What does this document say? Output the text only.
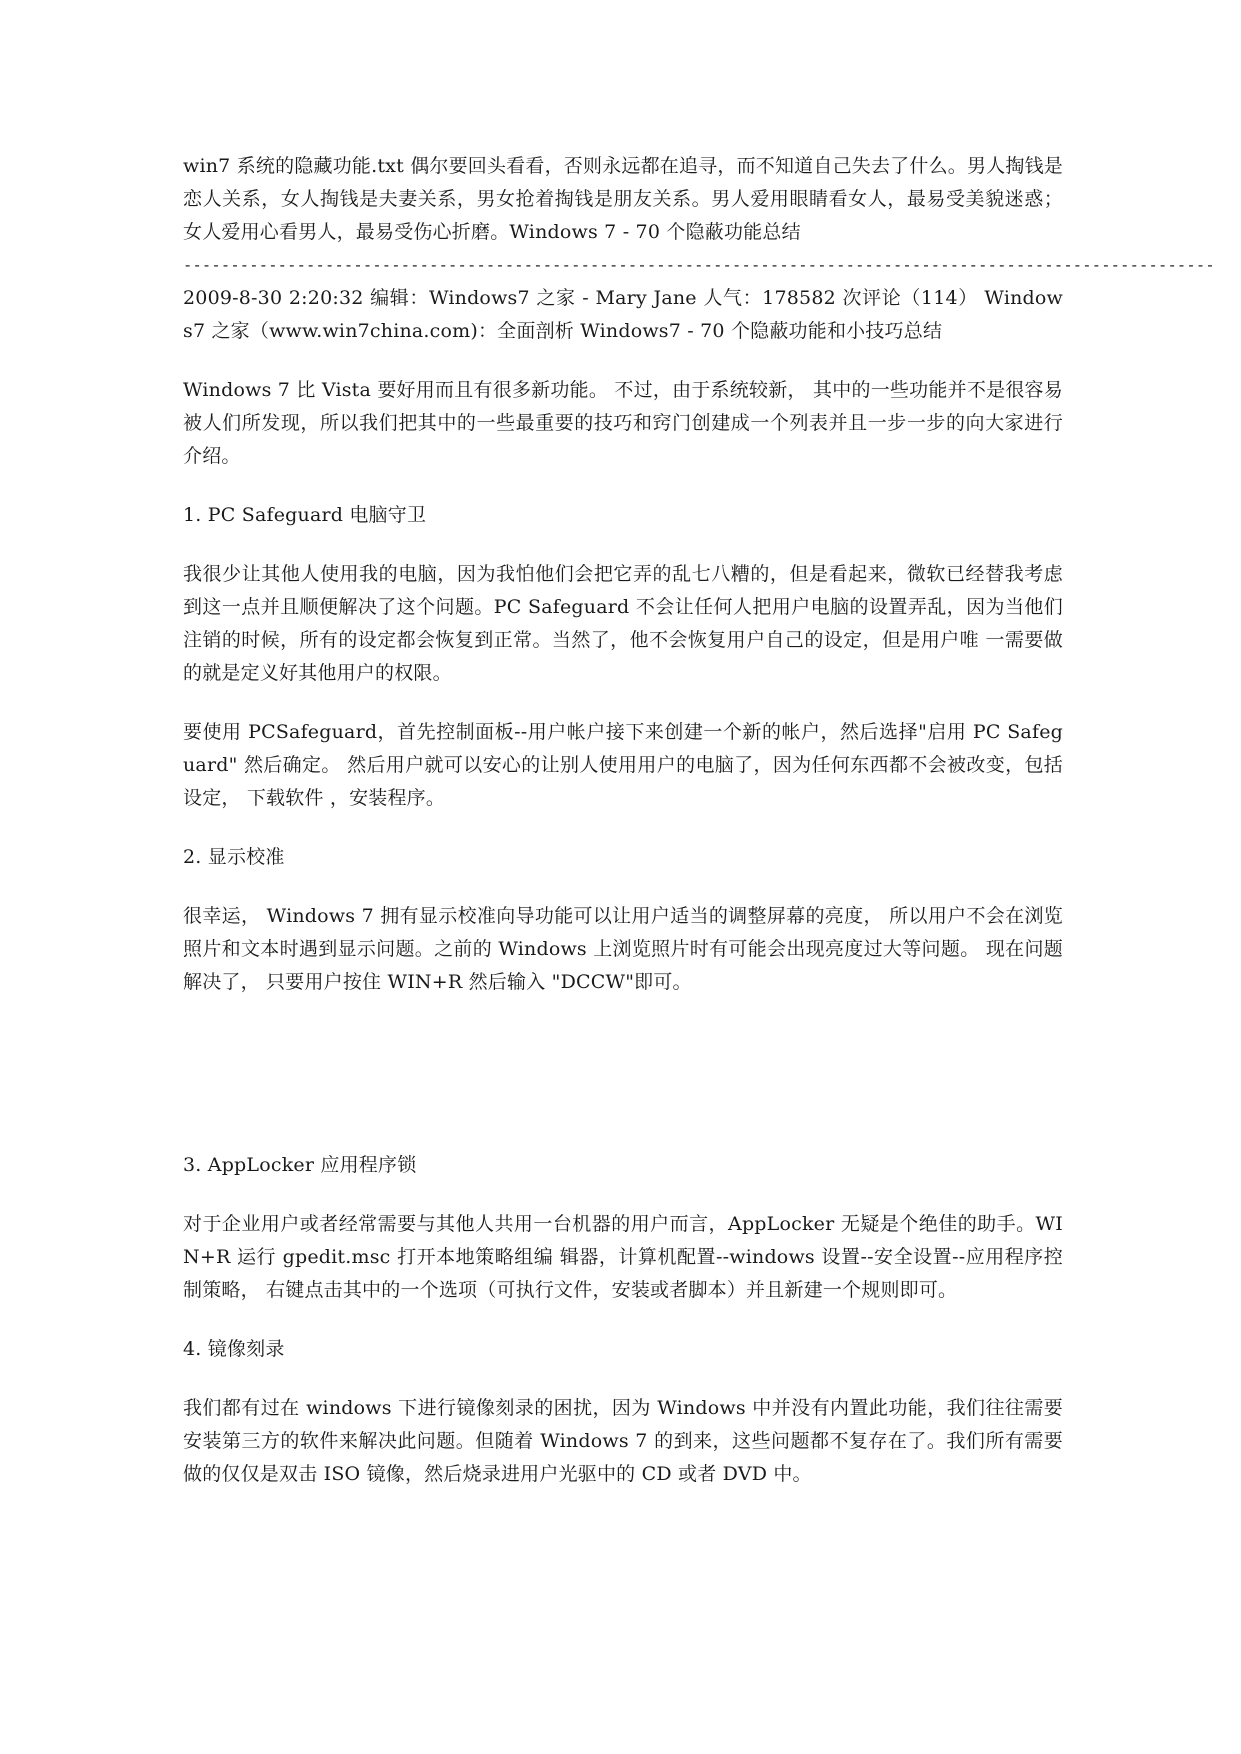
win7 系统的隐藏功能.txt 偶尔要回头看看，否则永远都在追寻，而不知道自己失去了什么。男人掏钱是恋人关系，女人掏钱是夫妻关系，男女抢着掏钱是朋友关系。男人爱用眼睛看女人，最易受美貌迷惑；女人爱用心看男人，最易受伤心折磨。Windows 7 - 70 个隐蔽功能总结

-------------------------------------------------------------------------------------------------------------

2009-8-30 2:20:32 编辑：Windows7 之家 - Mary Jane 人气：178582 次评论（114） Windows7 之家（www.win7china.com)：全面剖析 Windows7 - 70 个隐蔽功能和小技巧总结

Windows 7 比 Vista 要好用而且有很多新功能。 不过，由于系统较新， 其中的一些功能并不是很容易被人们所发现，所以我们把其中的一些最重要的技巧和窍门创建成一个列表并且一步一步的向大家进行介绍。

1. PC Safeguard 电脑守卫

我很少让其他人使用我的电脑，因为我怕他们会把它弄的乱七八糟的，但是看起来，微软已经替我考虑到这一点并且顺便解决了这个问题。PC Safeguard 不会让任何人把用户电脑的设置弄乱，因为当他们注销的时候，所有的设定都会恢复到正常。当然了，他不会恢复用户自己的设定，但是用户唯 一需要做的就是定义好其他用户的权限。

要使用 PCSafeguard，首先控制面板--用户帐户接下来创建一个新的帐户，然后选择"启用 PC Safeguard" 然后确定。 然后用户就可以安心的让别人使用用户的电脑了，因为任何东西都不会被改变，包括设定， 下载软件 ，安装程序。

2. 显示校准

很幸运， Windows 7 拥有显示校准向导功能可以让用户适当的调整屏幕的亮度， 所以用户不会在浏览照片和文本时遇到显示问题。之前的 Windows 上浏览照片时有可能会出现亮度过大等问题。 现在问题解决了， 只要用户按住 WIN+R 然后输入 "DCCW"即可。

3. AppLocker 应用程序锁

对于企业用户或者经常需要与其他人共用一台机器的用户而言，AppLocker 无疑是个绝佳的助手。WIN+R 运行 gpedit.msc 打开本地策略组编 辑器，计算机配置--windows 设置--安全设置--应用程序控制策略， 右键点击其中的一个选项（可执行文件，安装或者脚本）并且新建一个规则即可。

4. 镜像刻录

我们都有过在 windows 下进行镜像刻录的困扰，因为 Windows 中并没有内置此功能，我们往往需要安装第三方的软件来解决此问题。但随着 Windows 7 的到来，这些问题都不复存在了。我们所有需要做的仅仅是双击 ISO 镜像，然后烧录进用户光驱中的 CD 或者 DVD 中。
